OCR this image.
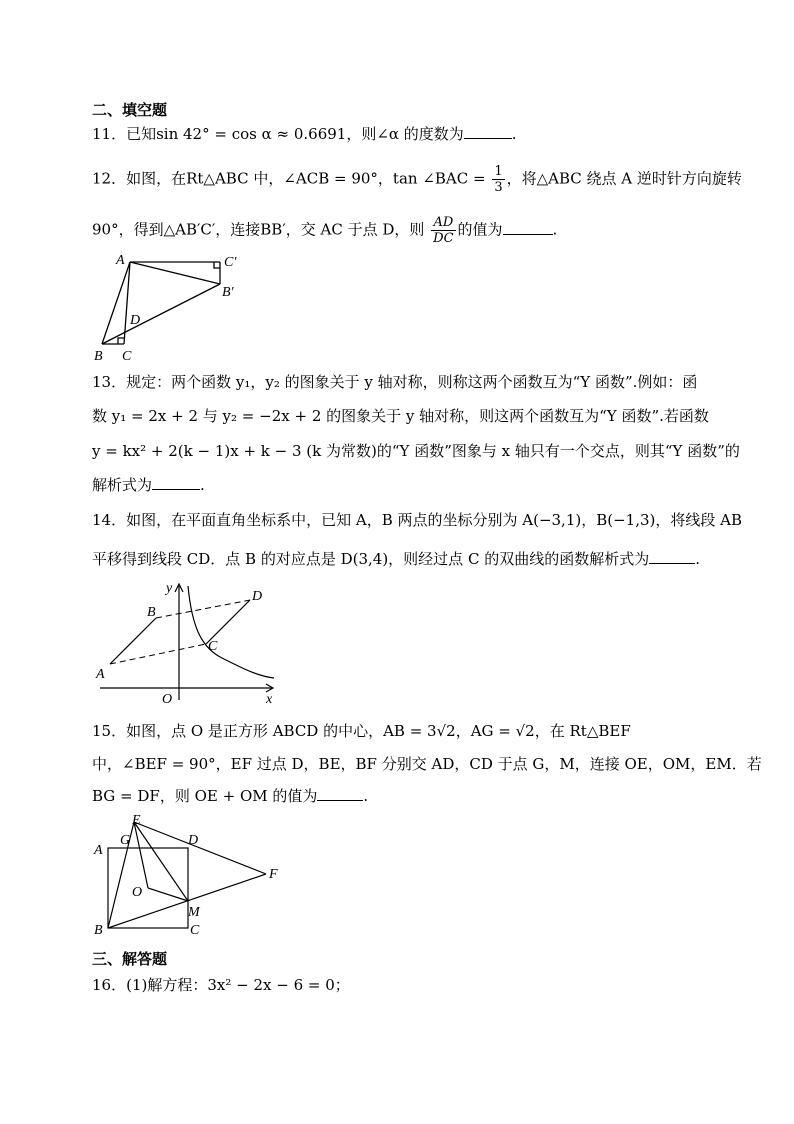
二、填空题
11．已知sin 42° = cos α ≈ 0.6691，则∠α 的度数为	.
12．如图，在Rt△ABC 中，∠ACB = 90°，tan ∠BAC = $\frac{1}{3}$ ，将△ABC 绕点 A 逆时针方向旋转
90°，得到△AB′C′，连接BB′，交 AC 于点 D，则 $\frac{AD}{DC}$ 的值为	.
A	C′
B′
D
B C
13．规定：两个函数 y₁，y₂ 的图象关于 y 轴对称，则称这两个函数互为“Y 函数”.例如：函
数 y₁ = 2x + 2 与 y₂ = −2x + 2 的图象关于 y 轴对称，则这两个函数互为“Y 函数”.若函数
y = kx² + 2(k − 1)x + k − 3 (k 为常数)的“Y 函数”图象与 x 轴只有一个交点，则其“Y 函数”的
解析式为	.
14．如图，在平面直角坐标系中，已知 A，B 两点的坐标分别为 A(−3,1)，B(−1,3)，将线段 AB
平移得到线段 CD．点 B 的对应点是 D(3,4)，则经过点 C 的双曲线的函数解析式为	.
y
x
O
A
B
C
D
15．如图，点 O 是正方形 ABCD 的中心，AB = 3√2，AG = √2，在 Rt△BEF
中，∠BEF = 90°，EF 过点 D，BE，BF 分别交 AD，CD 于点 G，M，连接 OE，OM，EM．若
BG = DF，则 OE + OM 的值为	.
A
B	C
D
E
F
G
M
O
三、解答题
16．(1)解方程：3x² − 2x − 6 = 0；
